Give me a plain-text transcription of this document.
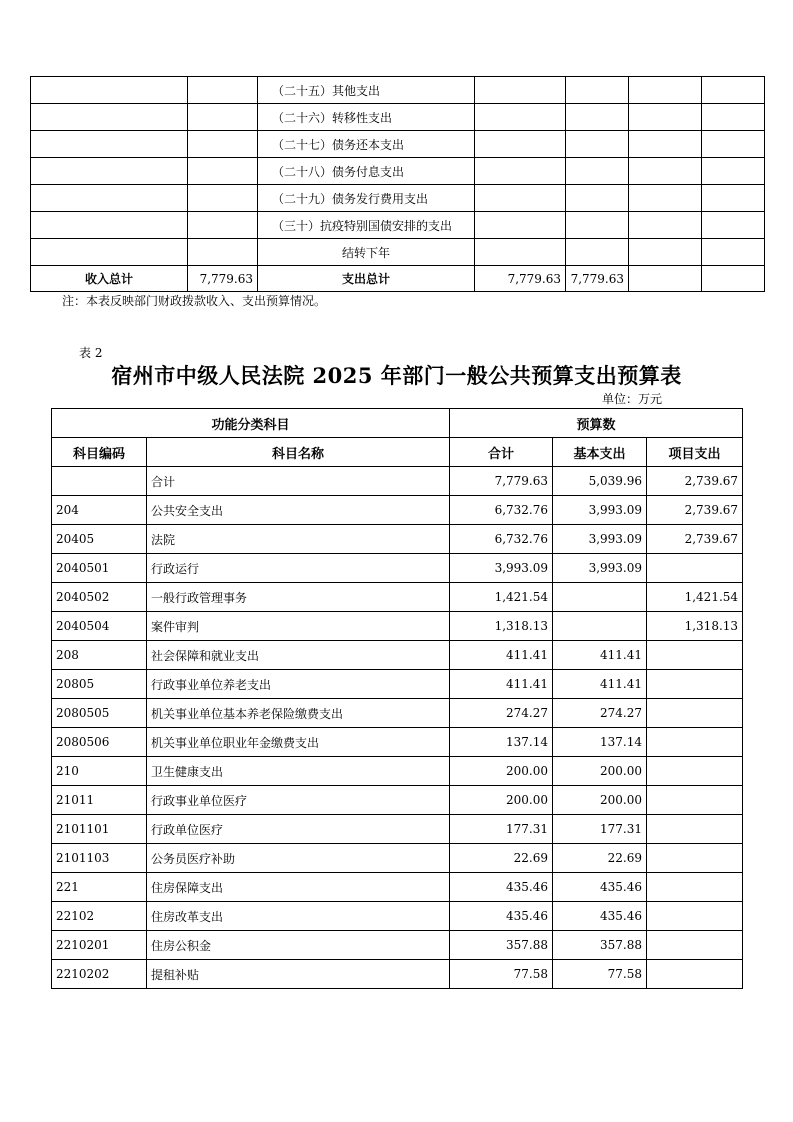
		（二十五）其他支出				
		（二十六）转移性支出				
		（二十七）债务还本支出				
		（二十八）债务付息支出				
		（二十九）债务发行费用支出				
		（三十）抗疫特别国债安排的支出				
		结转下年				
收入总计	7,779.63	支出总计	7,779.63	7,779.63		
注：本表反映部门财政拨款收入、支出预算情况。
表 2
宿州市中级人民法院 2025 年部门一般公共预算支出预算表
单位：万元
功能分类科目		预算数		
科目编码	科目名称	合计	基本支出	项目支出
	合计	7,779.63	5,039.96	2,739.67
204	公共安全支出	6,732.76	3,993.09	2,739.67
20405	法院	6,732.76	3,993.09	2,739.67
2040501	行政运行	3,993.09	3,993.09	
2040502	一般行政管理事务	1,421.54		1,421.54
2040504	案件审判	1,318.13		1,318.13
208	社会保障和就业支出	411.41	411.41	
20805	行政事业单位养老支出	411.41	411.41	
2080505	机关事业单位基本养老保险缴费支出	274.27	274.27	
2080506	机关事业单位职业年金缴费支出	137.14	137.14	
210	卫生健康支出	200.00	200.00	
21011	行政事业单位医疗	200.00	200.00	
2101101	行政单位医疗	177.31	177.31	
2101103	公务员医疗补助	22.69	22.69	
221	住房保障支出	435.46	435.46	
22102	住房改革支出	435.46	435.46	
2210201	住房公积金	357.88	357.88	
2210202	提租补贴	77.58	77.58	
